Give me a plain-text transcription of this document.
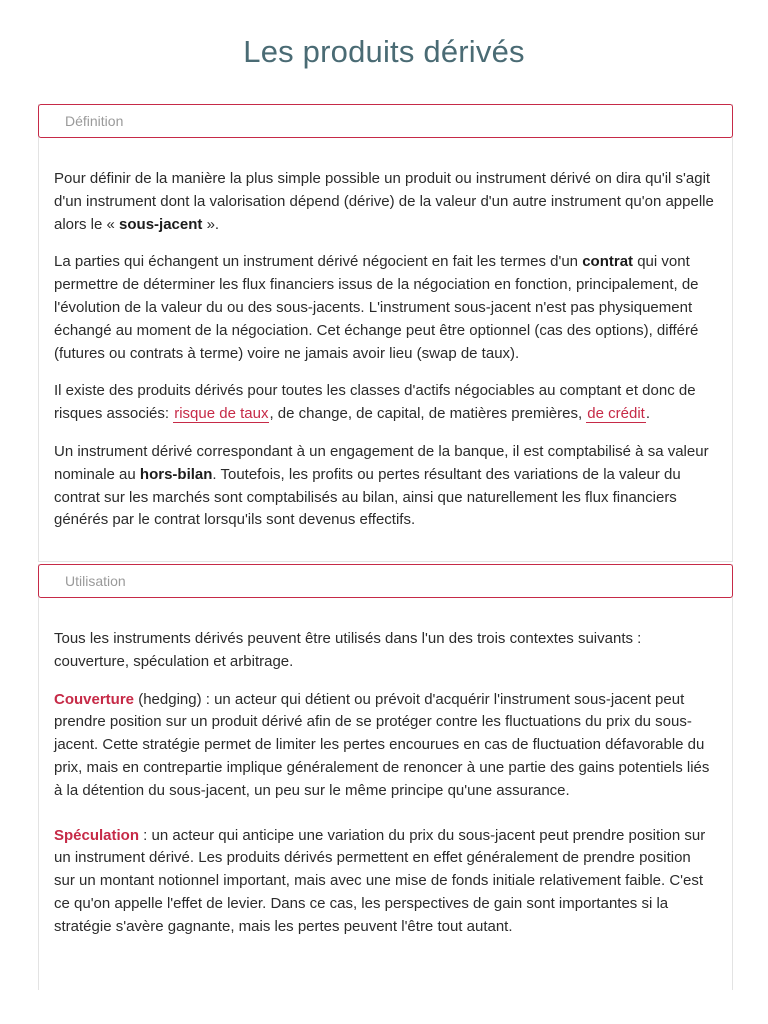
Les produits dérivés
Définition

Pour définir de la manière la plus simple possible un produit ou instrument dérivé on dira qu'il s'agit d'un instrument dont la valorisation dépend (dérive) de la valeur d'un autre instrument qu'on appelle alors le « sous-jacent ».

La parties qui échangent un instrument dérivé négocient en fait les termes d'un contrat qui vont permettre de déterminer les flux financiers issus de la négociation en fonction, principalement, de l'évolution de la valeur du ou des sous-jacents. L'instrument sous-jacent n'est pas physiquement échangé au moment de la négociation. Cet échange peut être optionnel (cas des options), différé (futures ou contrats à terme) voire ne jamais avoir lieu (swap de taux).

Il existe des produits dérivés pour toutes les classes d'actifs négociables au comptant et donc de risques associés: risque de taux, de change, de capital, de matières premières, de crédit.

Un instrument dérivé correspondant à un engagement de la banque, il est comptabilisé à sa valeur nominale au hors-bilan. Toutefois, les profits ou pertes résultant des variations de la valeur du contrat sur les marchés sont comptabilisés au bilan, ainsi que naturellement les flux financiers générés par le contrat lorsqu'ils sont devenus effectifs.

Utilisation

Tous les instruments dérivés peuvent être utilisés dans l'un des trois contextes suivants : couverture, spéculation et arbitrage.

Couverture (hedging) : un acteur qui détient ou prévoit d'acquérir l'instrument sous-jacent peut prendre position sur un produit dérivé afin de se protéger contre les fluctuations du prix du sous-jacent. Cette stratégie permet de limiter les pertes encourues en cas de fluctuation défavorable du prix, mais en contrepartie implique généralement de renoncer à une partie des gains potentiels liés à la détention du sous-jacent, un peu sur le même principe qu'une assurance.

Spéculation : un acteur qui anticipe une variation du prix du sous-jacent peut prendre position sur un instrument dérivé. Les produits dérivés permettent en effet généralement de prendre position sur un montant notionnel important, mais avec une mise de fonds initiale relativement faible. C'est ce qu'on appelle l'effet de levier. Dans ce cas, les perspectives de gain sont importantes si la stratégie s'avère gagnante, mais les pertes peuvent l'être tout autant.
